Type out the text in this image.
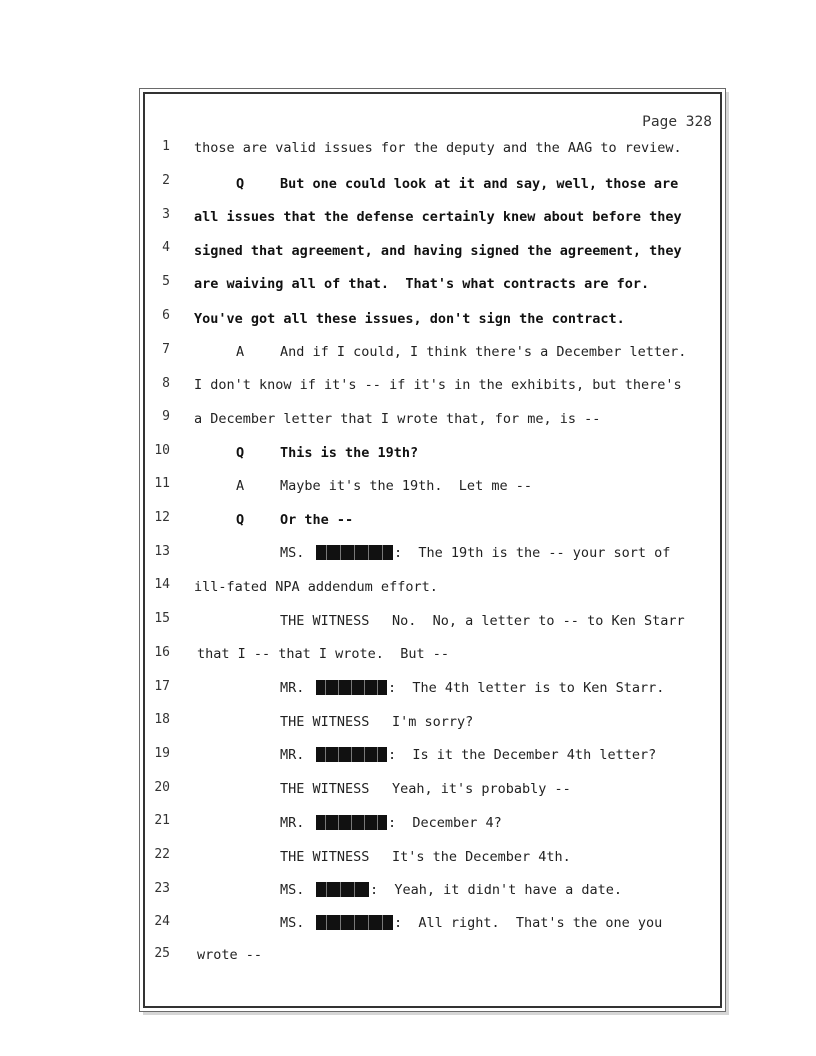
Page 328
1 those are valid issues for the deputy and the AAG to review.
2	Q	But one could look at it and say, well, those are
3 all issues that the defense certainly knew about before they
4 signed that agreement, and having signed the agreement, they
5 are waiving all of that.  That's what contracts are for.
6 You've got all these issues, don't sign the contract.
7	A	And if I could, I think there's a December letter.
8 I don't know if it's -- if it's in the exhibits, but there's
9 a December letter that I wrote that, for me, is --
10	Q	This is the 19th?
11	A	Maybe it's the 19th.  Let me --
12	Q	Or the --
13	MS.	:  The 19th is the -- your sort of
14 ill-fated NPA addendum effort.
15	THE WITNESS No.  No, a letter to -- to Ken Starr
16 that I -- that I wrote.  But --
17	MR.	:  The 4th letter is to Ken Starr.
18	THE WITNESS I'm sorry?
19	MR.	:  Is it the December 4th letter?
20	THE WITNESS Yeah, it's probably --
21	MR.	:  December 4?
22	THE WITNESS It's the December 4th.
23	MS.	:  Yeah, it didn't have a date.
24	MS.	:  All right.  That's the one you
25 wrote --
